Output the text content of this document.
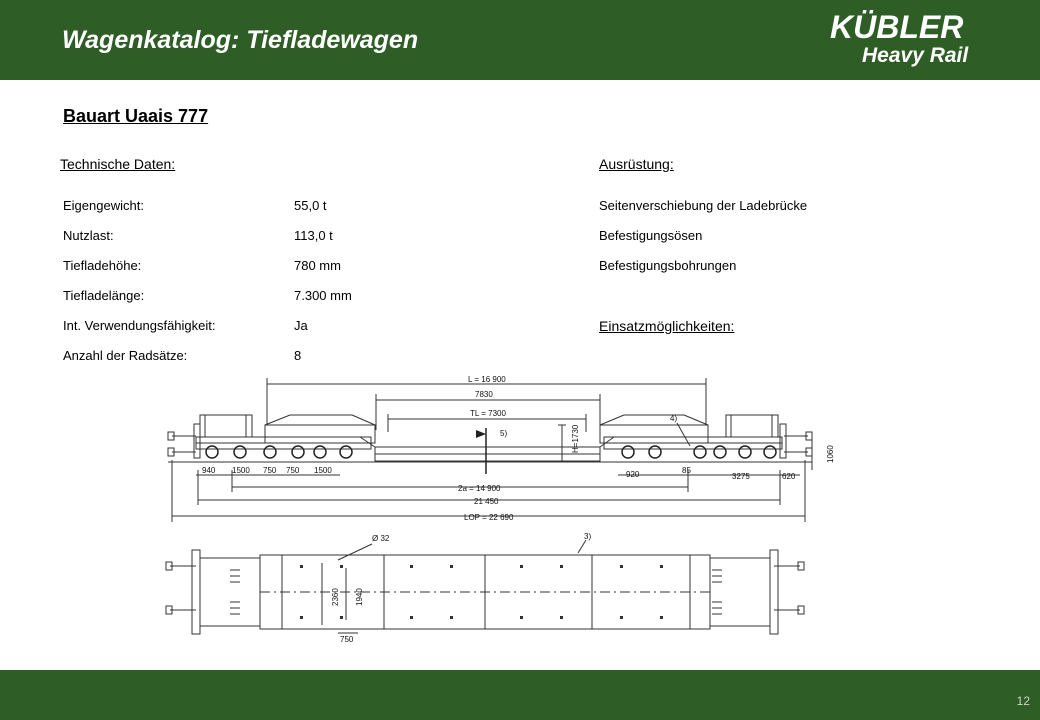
Wagenkatalog: Tiefladewagen	KÜBLER
Heavy Rail
Bauart Uaais 777
Technische Daten:
Eigengewicht:	55,0 t
Nutzlast:	113,0 t
Tiefladehöhe:	780 mm
Tiefladelänge:	7.300 mm
Int. Verwendungsfähigkeit:	Ja
Anzahl der Radsätze:	8
Ausrüstung:
Seitenverschiebung der Ladebrücke
Befestigungsösen
Befestigungsbohrungen
Einsatzmöglichkeiten:
L = 16 900
7830
TL = 7300
5)
4)
H=1730
1060
940 1500 750 750 1500	920	85
3275	620
2a = 14 900
21 450
LOP = 22 690
Ø 32	3)
2360 1940
750
12
